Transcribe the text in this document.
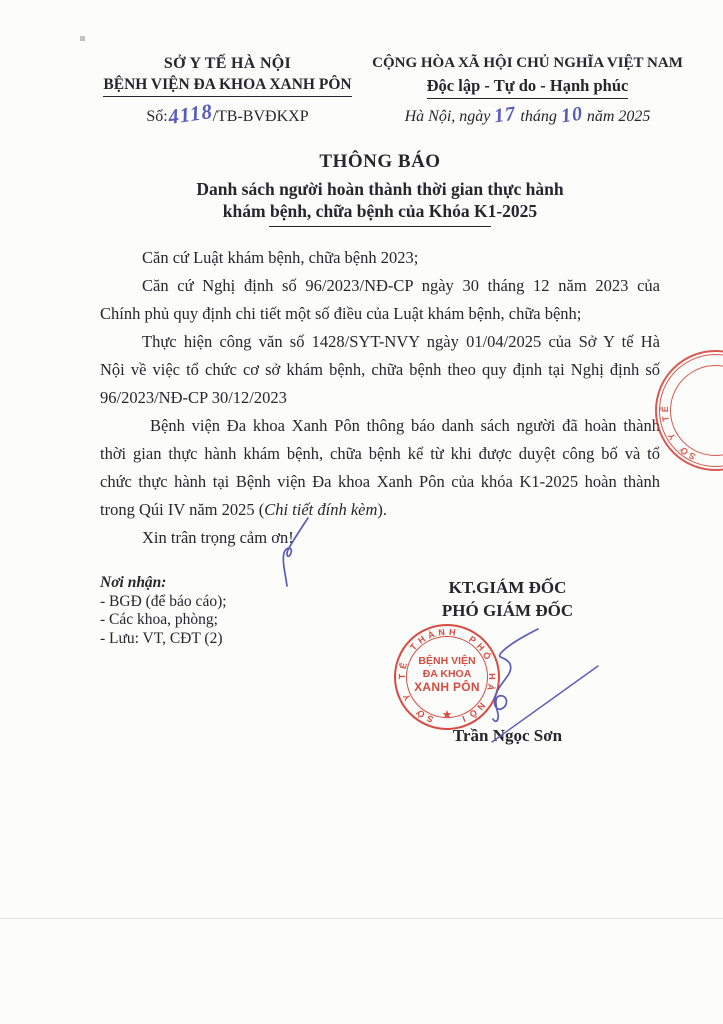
SỞ Y TẾ HÀ NỘI
BỆNH VIỆN ĐA KHOA XANH PÔN
Số:4118/TB-BVĐKXP
CỘNG HÒA XÃ HỘI CHỦ NGHĨA VIỆT NAM
Độc lập - Tự do - Hạnh phúc
Hà Nội, ngày 17 tháng 10 năm 2025
THÔNG BÁO
Danh sách người hoàn thành thời gian thực hành
khám bệnh, chữa bệnh của Khóa K1-2025
Căn cứ Luật khám bệnh, chữa bệnh 2023;
Căn cứ Nghị định số 96/2023/NĐ-CP ngày 30 tháng 12 năm 2023 của
Chính phủ quy định chi tiết một số điều của Luật khám bệnh, chữa bệnh;
Thực hiện công văn số 1428/SYT-NVY ngày 01/04/2025 của Sở Y tế Hà
Nội về việc tổ chức cơ sở khám bệnh, chữa bệnh theo quy định tại Nghị định số
96/2023/NĐ-CP 30/12/2023
Bệnh viện Đa khoa Xanh Pôn thông báo danh sách người đã hoàn thành
thời gian thực hành khám bệnh, chữa bệnh kể từ khi được duyệt công bố và tổ
chức thực hành tại Bệnh viện Đa khoa Xanh Pôn của khóa K1-2025 hoàn thành
trong Qúi IV năm 2025 (Chi tiết đính kèm).
Xin trân trọng cảm ơn!
Nơi nhận:
- BGĐ (để báo cáo);
- Các khoa, phòng;
- Lưu: VT, CĐT (2)
KT.GIÁM ĐỐC
PHÓ GIÁM ĐỐC
S
Ở
Y
T
Ế
T
H À N H
P
H
Ố
H
À
N
Ộ
I
BỆNH VIỆN
ĐA KHOA
XANH PÔN
★
S
Ở
Y
T
Ế
Trần Ngọc Sơn
